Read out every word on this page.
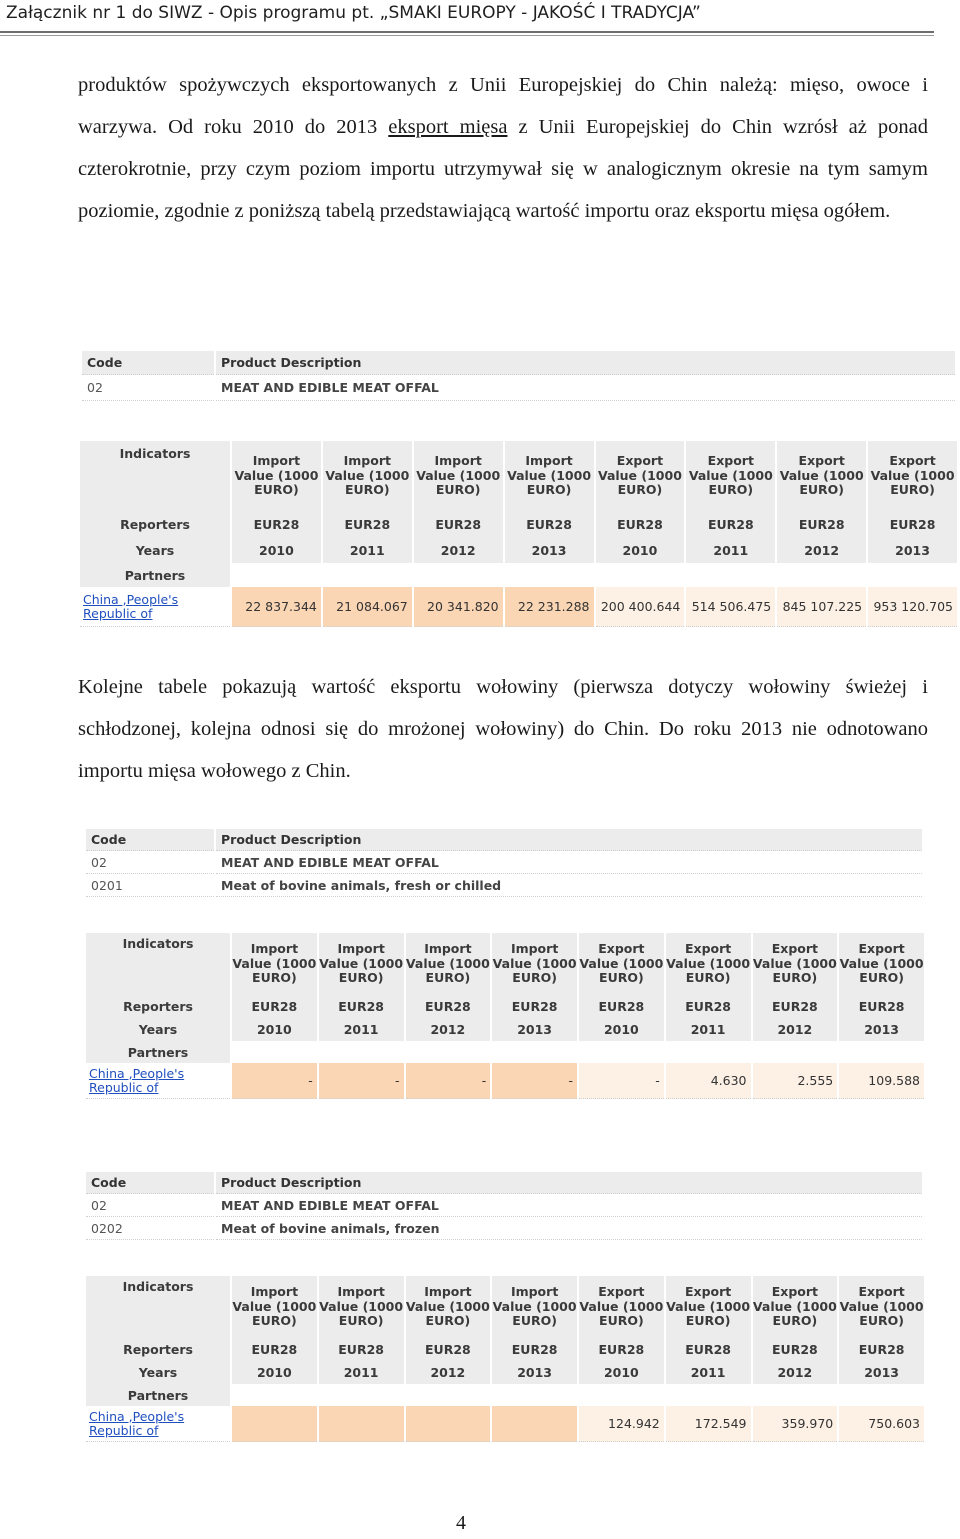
Załącznik nr 1 do SIWZ - Opis programu pt. „SMAKI EUROPY - JAKOŚĆ I TRADYCJA”

produktów spożywczych eksportowanych z Unii Europejskiej do Chin należą: mięso, owoce i warzywa. Od roku 2010 do 2013 eksport mięsa z Unii Europejskiej do Chin wzrósł aż ponad czterokrotnie, przy czym poziom importu utrzymywał się w analogicznym okresie na tym samym poziomie, zgodnie z poniższą tabelą przedstawiającą wartość importu oraz eksportu mięsa ogółem.

Code	Product Description
02	MEAT AND EDIBLE MEAT OFFAL
Indicators	Import Value (1000 EURO)	Import Value (1000 EURO)	Import Value (1000 EURO)	Import Value (1000 EURO)	Export Value (1000 EURO)	Export Value (1000 EURO)	Export Value (1000 EURO)	Export Value (1000 EURO)
Reporters	EUR28	EUR28	EUR28	EUR28	EUR28	EUR28	EUR28	EUR28
Years	2010	2011	2012	2013	2010	2011	2012	2013
Partners								
China ,People's Republic of	22 837.344	21 084.067	20 341.820	22 231.288	200 400.644	514 506.475	845 107.225	953 120.705

Kolejne tabele pokazują wartość eksportu wołowiny (pierwsza dotyczy wołowiny świeżej i schłodzonej, kolejna odnosi się do mrożonej wołowiny) do Chin. Do roku 2013 nie odnotowano importu mięsa wołowego z Chin.

Code	Product Description
02	MEAT AND EDIBLE MEAT OFFAL
0201	Meat of bovine animals, fresh or chilled
Indicators	Import Value (1000 EURO)	Import Value (1000 EURO)	Import Value (1000 EURO)	Import Value (1000 EURO)	Export Value (1000 EURO)	Export Value (1000 EURO)	Export Value (1000 EURO)	Export Value (1000 EURO)
Reporters	EUR28	EUR28	EUR28	EUR28	EUR28	EUR28	EUR28	EUR28
Years	2010	2011	2012	2013	2010	2011	2012	2013
Partners								
China ,People's Republic of	-	-	-	-	-	4.630	2.555	109.588
Code	Product Description
02	MEAT AND EDIBLE MEAT OFFAL
0202	Meat of bovine animals, frozen
Indicators	Import Value (1000 EURO)	Import Value (1000 EURO)	Import Value (1000 EURO)	Import Value (1000 EURO)	Export Value (1000 EURO)	Export Value (1000 EURO)	Export Value (1000 EURO)	Export Value (1000 EURO)
Reporters	EUR28	EUR28	EUR28	EUR28	EUR28	EUR28	EUR28	EUR28
Years	2010	2011	2012	2013	2010	2011	2012	2013
Partners								
China ,People's Republic of					124.942	172.549	359.970	750.603
4
